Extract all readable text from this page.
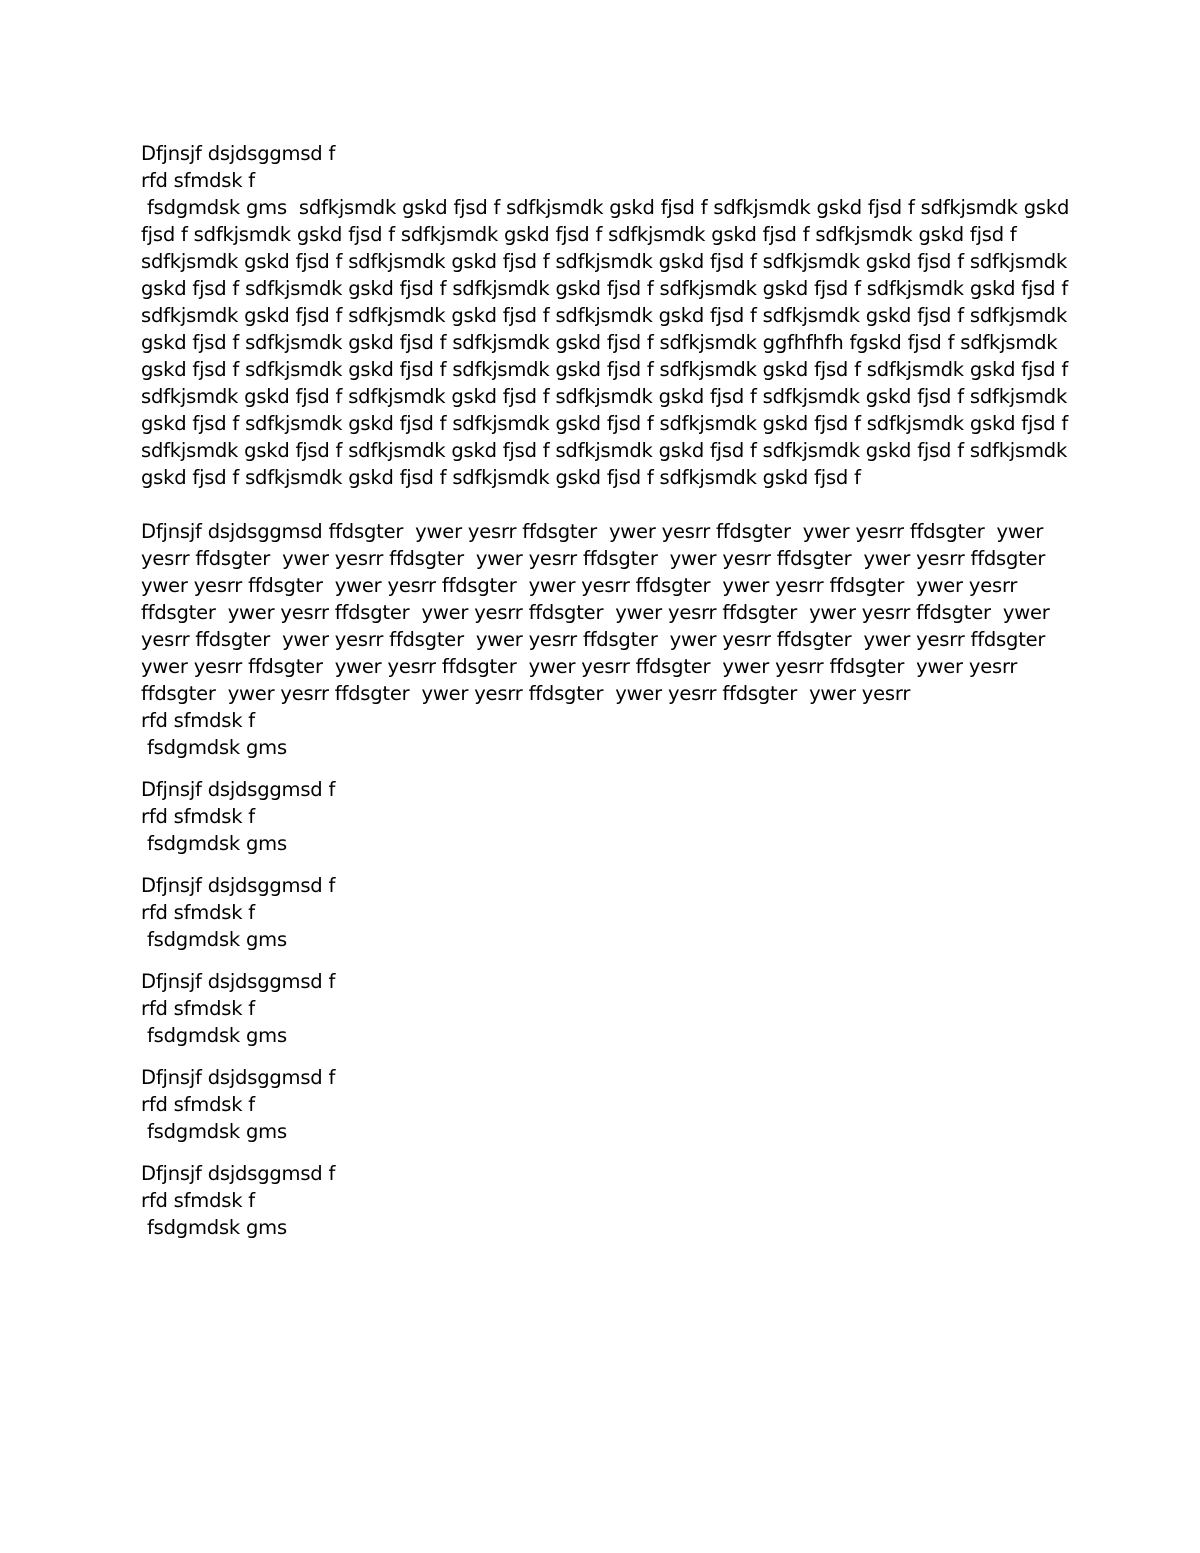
Dfjnsjf dsjdsggmsd f

rfd sfmdsk f

fsdgmdsk gms  sdfkjsmdk gskd fjsd f sdfkjsmdk gskd fjsd f sdfkjsmdk gskd fjsd f sdfkjsmdk gskd fjsd f sdfkjsmdk gskd fjsd f sdfkjsmdk gskd fjsd f sdfkjsmdk gskd fjsd f sdfkjsmdk gskd fjsd f sdfkjsmdk gskd fjsd f sdfkjsmdk gskd fjsd f sdfkjsmdk gskd fjsd f sdfkjsmdk gskd fjsd f sdfkjsmdk gskd fjsd f sdfkjsmdk gskd fjsd f sdfkjsmdk gskd fjsd f sdfkjsmdk gskd fjsd f sdfkjsmdk gskd fjsd f sdfkjsmdk gskd fjsd f sdfkjsmdk gskd fjsd f sdfkjsmdk gskd fjsd f sdfkjsmdk gskd fjsd f sdfkjsmdk gskd fjsd f sdfkjsmdk gskd fjsd f sdfkjsmdk gskd fjsd f sdfkjsmdk ggfhfhfh fgskd fjsd f sdfkjsmdk gskd fjsd f sdfkjsmdk gskd fjsd f sdfkjsmdk gskd fjsd f sdfkjsmdk gskd fjsd f sdfkjsmdk gskd fjsd f sdfkjsmdk gskd fjsd f sdfkjsmdk gskd fjsd f sdfkjsmdk gskd fjsd f sdfkjsmdk gskd fjsd f sdfkjsmdk gskd fjsd f sdfkjsmdk gskd fjsd f sdfkjsmdk gskd fjsd f sdfkjsmdk gskd fjsd f sdfkjsmdk gskd fjsd f sdfkjsmdk gskd fjsd f sdfkjsmdk gskd fjsd f sdfkjsmdk gskd fjsd f sdfkjsmdk gskd fjsd f sdfkjsmdk gskd fjsd f sdfkjsmdk gskd fjsd f sdfkjsmdk gskd fjsd f sdfkjsmdk gskd fjsd f

Dfjnsjf dsjdsggmsd ffdsgter  ywer yesrr ffdsgter  ywer yesrr ffdsgter  ywer yesrr ffdsgter  ywer yesrr ffdsgter  ywer yesrr ffdsgter  ywer yesrr ffdsgter  ywer yesrr ffdsgter  ywer yesrr ffdsgter  ywer yesrr ffdsgter  ywer yesrr ffdsgter  ywer yesrr ffdsgter  ywer yesrr ffdsgter  ywer yesrr ffdsgter  ywer yesrr ffdsgter  ywer yesrr ffdsgter  ywer yesrr ffdsgter  ywer yesrr ffdsgter  ywer yesrr ffdsgter  ywer yesrr ffdsgter  ywer yesrr ffdsgter  ywer yesrr ffdsgter  ywer yesrr ffdsgter  ywer yesrr ffdsgter  ywer yesrr ffdsgter  ywer yesrr ffdsgter  ywer yesrr ffdsgter  ywer yesrr ffdsgter  ywer yesrr ffdsgter  ywer yesrr ffdsgter  ywer yesrr ffdsgter  ywer yesrr

rfd sfmdsk f

fsdgmdsk gms

Dfjnsjf dsjdsggmsd f

rfd sfmdsk f

fsdgmdsk gms

Dfjnsjf dsjdsggmsd f

rfd sfmdsk f

fsdgmdsk gms

Dfjnsjf dsjdsggmsd f

rfd sfmdsk f

fsdgmdsk gms

Dfjnsjf dsjdsggmsd f

rfd sfmdsk f

fsdgmdsk gms

Dfjnsjf dsjdsggmsd f

rfd sfmdsk f

fsdgmdsk gms
